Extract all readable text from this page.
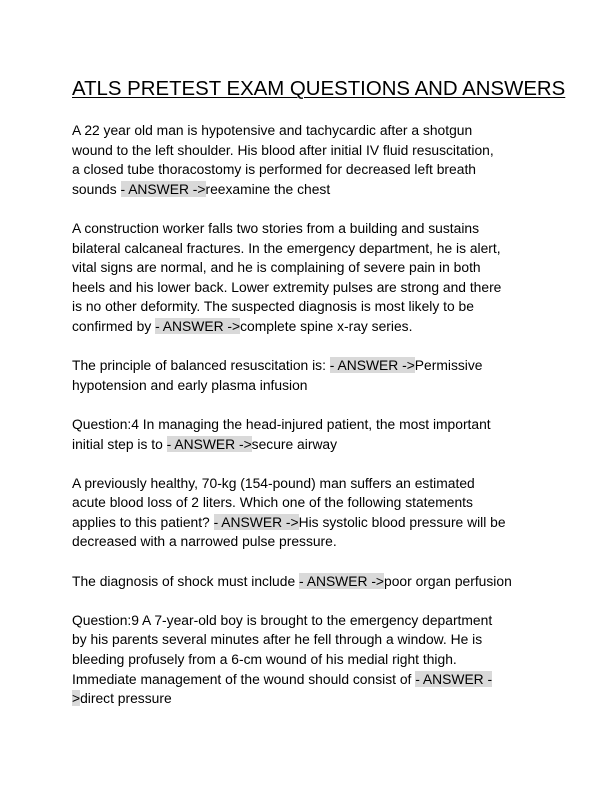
ATLS PRETEST EXAM QUESTIONS AND ANSWERS

A 22 year old man is hypotensive and tachycardic after a shotgun
wound to the left shoulder. His blood after initial IV fluid resuscitation,
a closed tube thoracostomy is performed for decreased left breath
sounds - ANSWER ->reexamine the chest

A construction worker falls two stories from a building and sustains
bilateral calcaneal fractures. In the emergency department, he is alert,
vital signs are normal, and he is complaining of severe pain in both
heels and his lower back. Lower extremity pulses are strong and there
is no other deformity. The suspected diagnosis is most likely to be
confirmed by - ANSWER ->complete spine x-ray series.

The principle of balanced resuscitation is: - ANSWER ->Permissive
hypotension and early plasma infusion

Question:4 In managing the head-injured patient, the most important
initial step is to - ANSWER ->secure airway

A previously healthy, 70-kg (154-pound) man suffers an estimated
acute blood loss of 2 liters. Which one of the following statements
applies to this patient? - ANSWER ->His systolic blood pressure will be
decreased with a narrowed pulse pressure.

The diagnosis of shock must include - ANSWER ->poor organ perfusion

Question:9 A 7-year-old boy is brought to the emergency department
by his parents several minutes after he fell through a window. He is
bleeding profusely from a 6-cm wound of his medial right thigh.
Immediate management of the wound should consist of - ANSWER -
>direct pressure
